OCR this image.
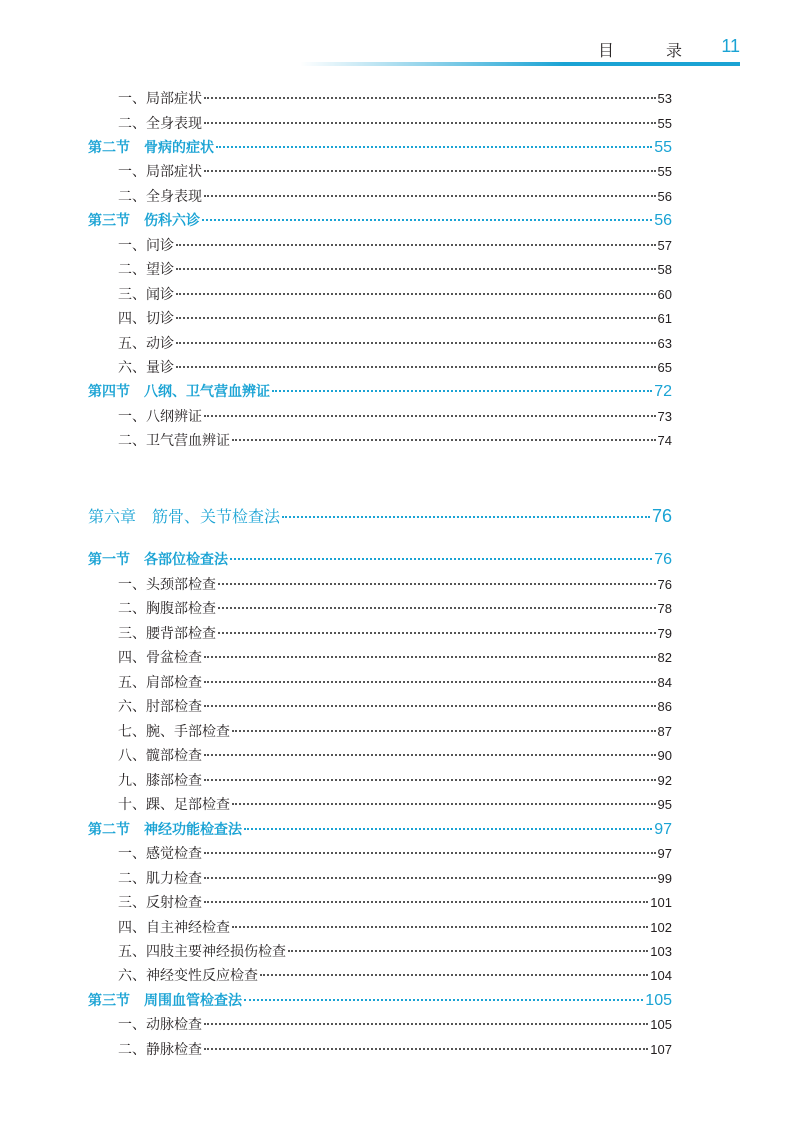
目　录 11
一、局部症状	53
二、全身表现	55
第二节　骨病的症状	55
一、局部症状	55
二、全身表现	56
第三节　伤科六诊	56
一、问诊	57
二、望诊	58
三、闻诊	60
四、切诊	61
五、动诊	63
六、量诊	65
第四节　八纲、卫气营血辨证	72
一、八纲辨证	73
二、卫气营血辨证	74
第六章　筋骨、关节检查法	76
第一节　各部位检查法	76
一、头颈部检查	76
二、胸腹部检查	78
三、腰背部检查	79
四、骨盆检查	82
五、肩部检查	84
六、肘部检查	86
七、腕、手部检查	87
八、髋部检查	90
九、膝部检查	92
十、踝、足部检查	95
第二节　神经功能检查法	97
一、感觉检查	97
二、肌力检查	99
三、反射检查	101
四、自主神经检查	102
五、四肢主要神经损伤检查	103
六、神经变性反应检查	104
第三节　周围血管检查法	105
一、动脉检查	105
二、静脉检查	107
